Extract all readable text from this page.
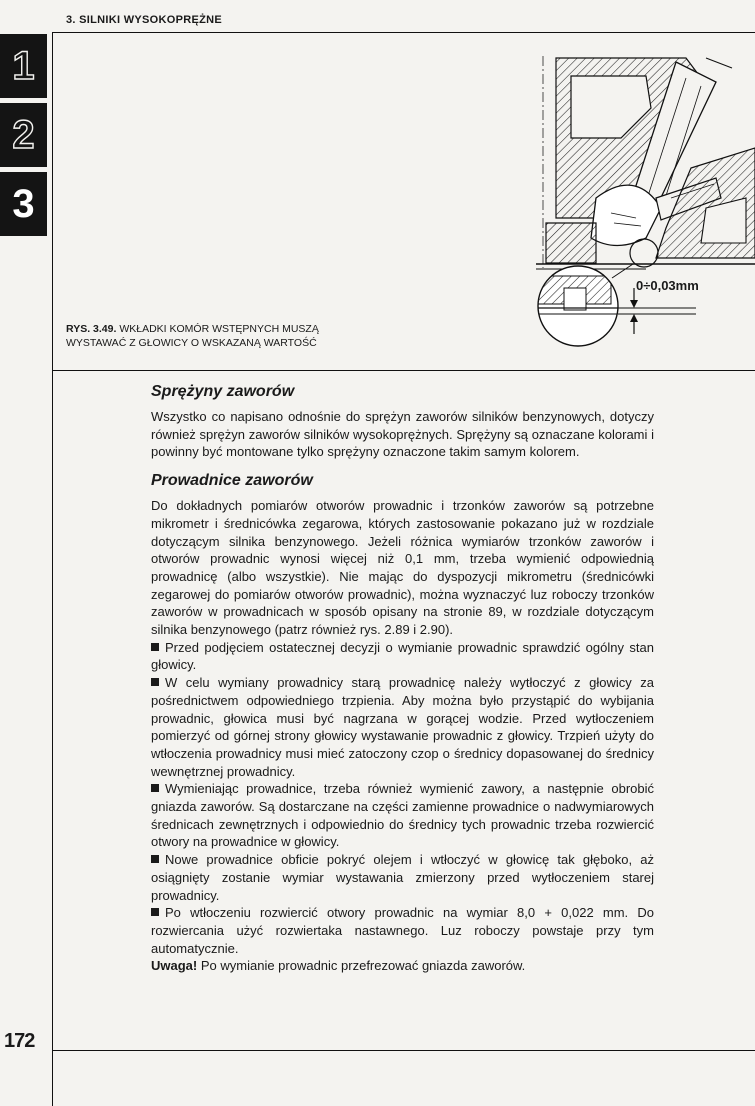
3. SILNIKI WYSOKOPRĘŻNE
1
2
3
0÷0,03mm
RYS. 3.49. WKŁADKI KOMÓR WSTĘPNYCH MUSZĄ
WYSTAWAĆ Z GŁOWICY O WSKAZANĄ WARTOŚĆ
Sprężyny zaworów

Wszystko co napisano odnośnie do sprężyn zaworów silników benzynowych, dotyczy również sprężyn zaworów silników wysokoprężnych. Sprężyny są oznaczane kolorami i powinny być montowane tylko sprężyny oznaczone takim samym kolorem.

Prowadnice zaworów

Do dokładnych pomiarów otworów prowadnic i trzonków zaworów są potrzebne mikrometr i średnicówka zegarowa, których zastosowanie pokazano już w rozdziale dotyczącym silnika benzynowego. Jeżeli różnica wymiarów trzonków zaworów i otworów prowadnic wynosi więcej niż 0,1 mm, trzeba wymienić odpowiednią prowadnicę (albo wszystkie). Nie mając do dyspozycji mikrometru (średnicówki zegarowej do pomiarów otworów prowadnic), można wyznaczyć luz roboczy trzonków zaworów w prowadnicach w sposób opisany na stronie 89, w rozdziale dotyczącym silnika benzynowego (patrz również rys. 2.89 i 2.90).

Przed podjęciem ostatecznej decyzji o wymianie prowadnic sprawdzić ogólny stan głowicy.

W celu wymiany prowadnicy starą prowadnicę należy wytłoczyć z głowicy za pośrednictwem odpowiedniego trzpienia. Aby można było przystąpić do wybijania prowadnic, głowica musi być nagrzana w gorącej wodzie. Przed wytłoczeniem pomierzyć od górnej strony głowicy wystawanie prowadnic z głowicy. Trzpień użyty do wtłoczenia prowadnicy musi mieć zatoczony czop o średnicy dopasowanej do średnicy wewnętrznej prowadnicy.

Wymieniając prowadnice, trzeba również wymienić zawory, a następnie obrobić gniazda zaworów. Są dostarczane na części zamienne prowadnice o nadwymiarowych średnicach zewnętrznych i odpowiednio do średnicy tych prowadnic trzeba rozwiercić otwory na prowadnice w głowicy.

Nowe prowadnice obficie pokryć olejem i wtłoczyć w głowicę tak głęboko, aż osiągnięty zostanie wymiar wystawania zmierzony przed wytłoczeniem starej prowadnicy.

Po wtłoczeniu rozwiercić otwory prowadnic na wymiar 8,0 + 0,022 mm. Do rozwiercania użyć rozwiertaka nastawnego. Luz roboczy powstaje przy tym automatycznie.

Uwaga! Po wymianie prowadnic przefrezować gniazda zaworów.

172
